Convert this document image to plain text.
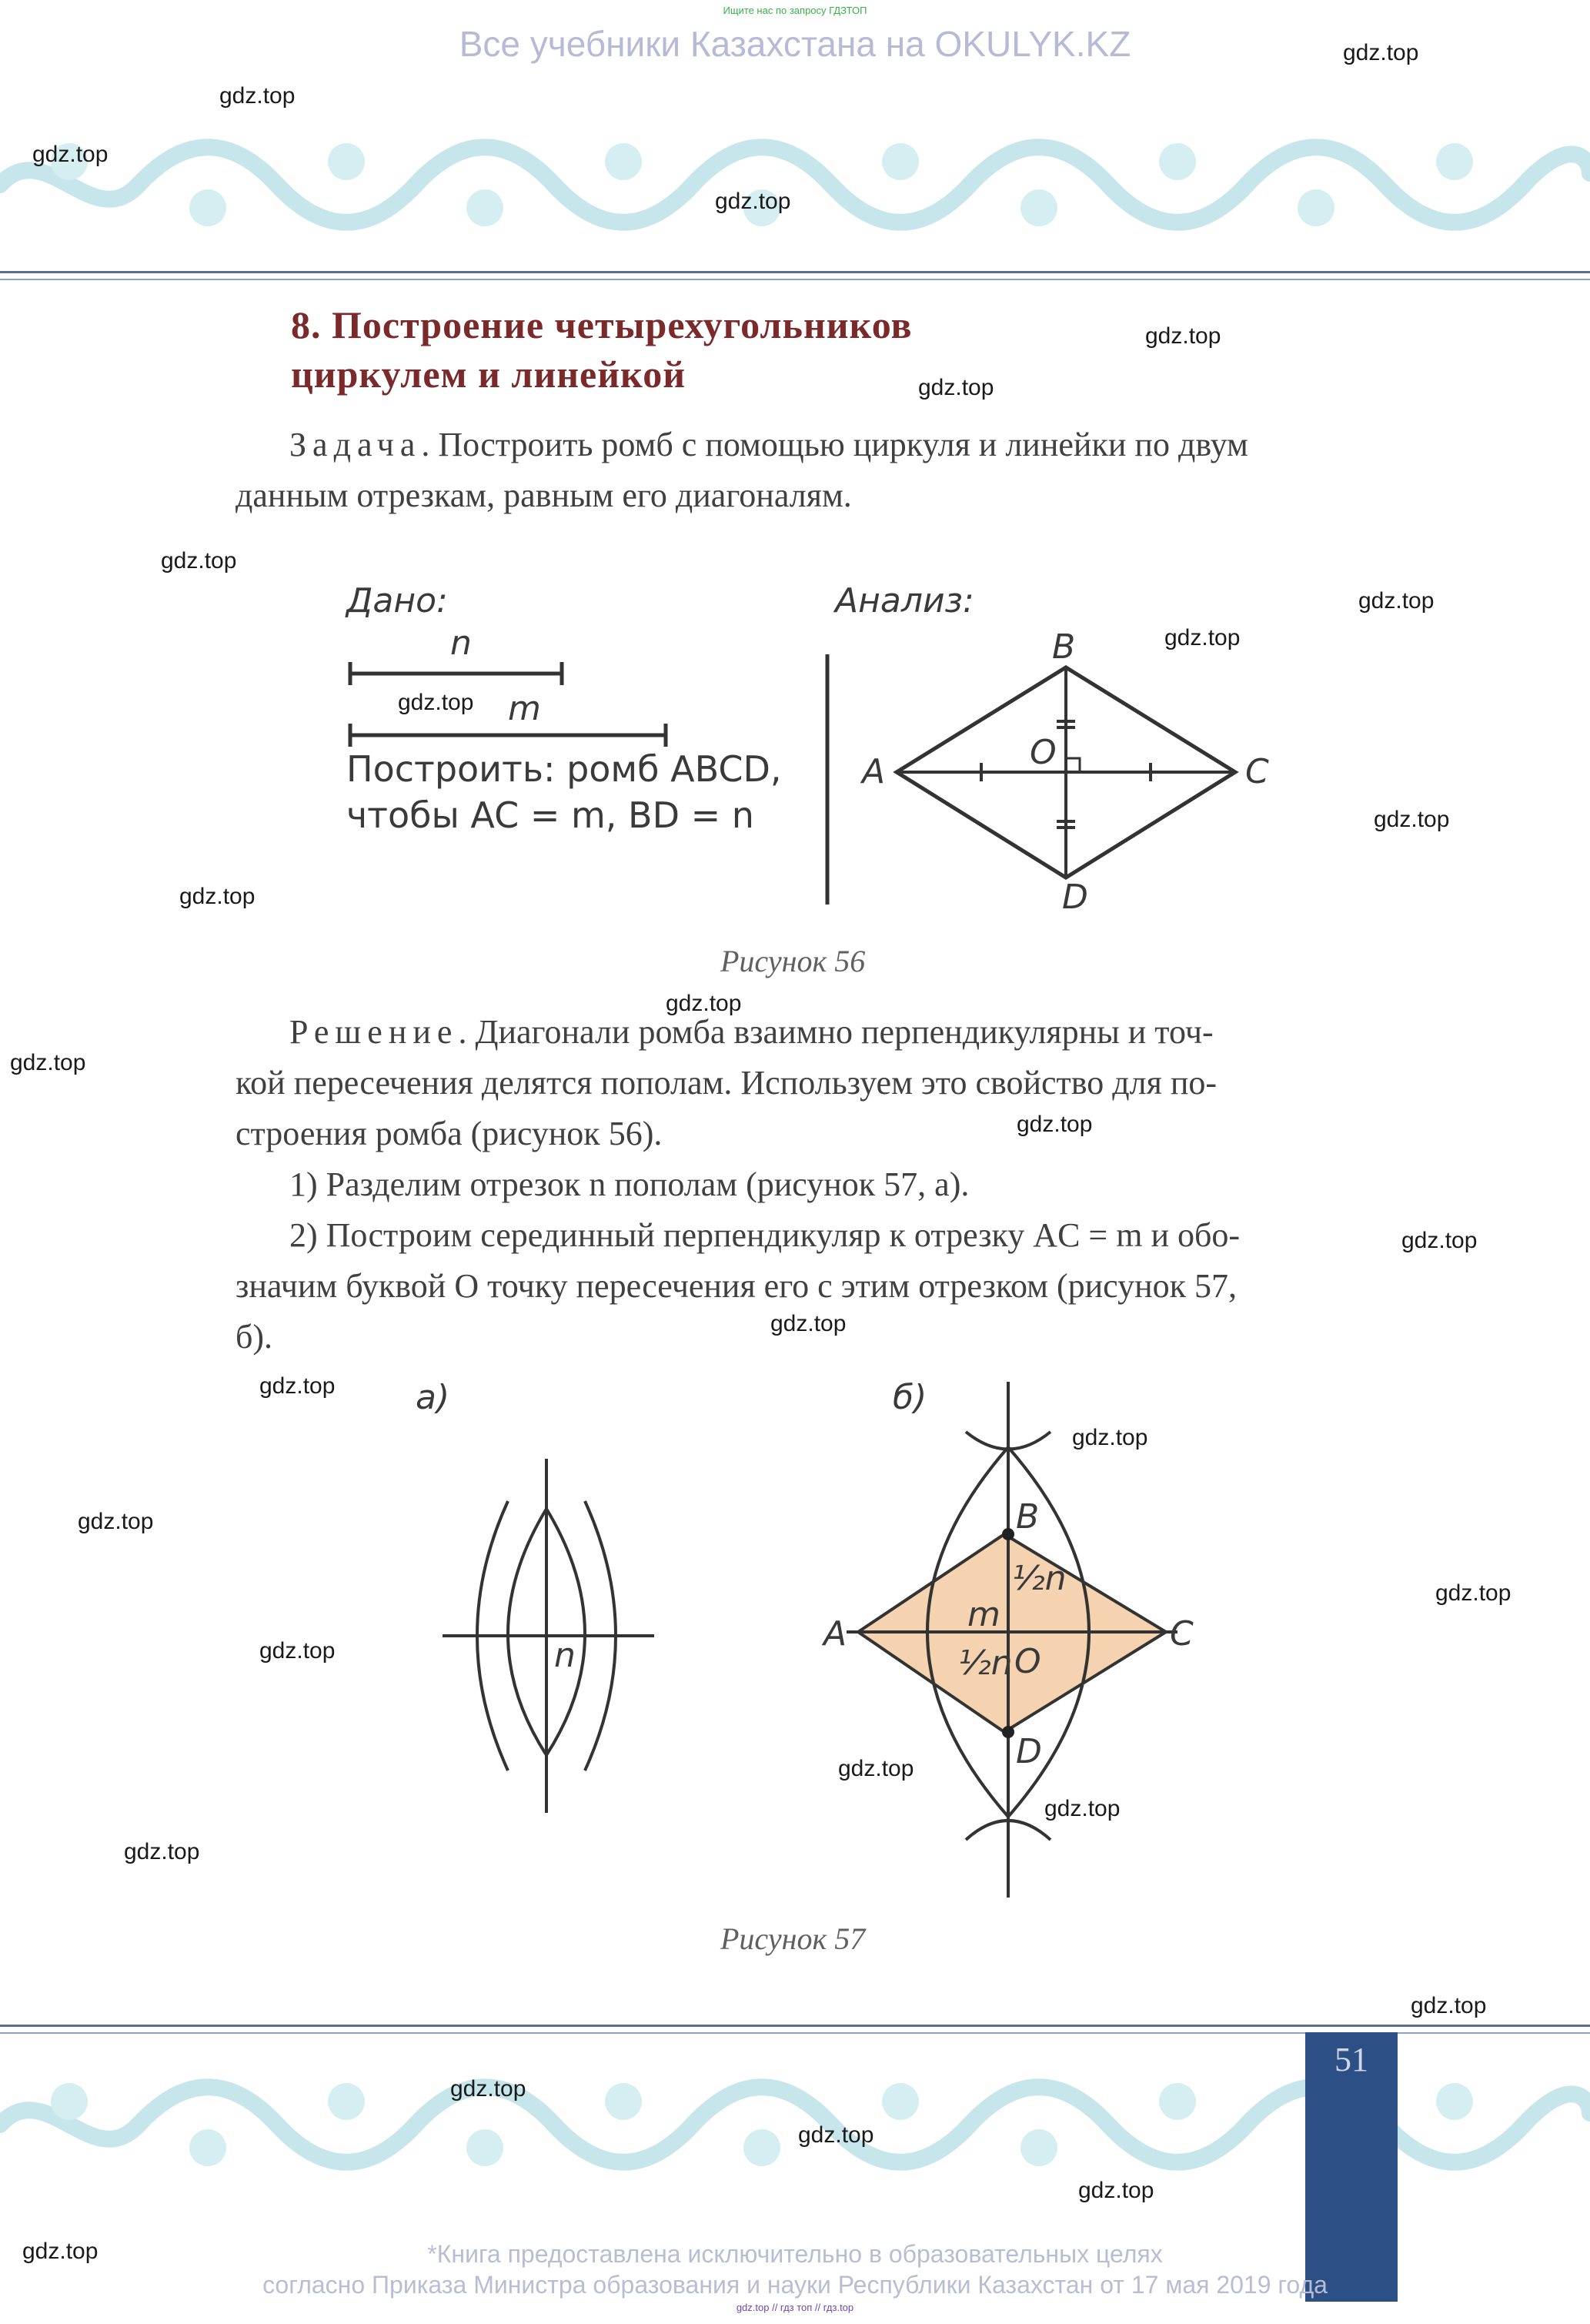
Ищите нас по запросу ГДЗТОП
Все учебники Казахстана на OKULYK.KZ
8. Построение четырехугольников
циркулем и линейкой
Задача. Построить ромб с помощью циркуля и линейки по двум
данным отрезкам, равным его диагоналям.
Дано:
n
m
Построить: ромб ABCD,
чтобы AC = m, BD = n
Анализ:
A
B
C
D
O
Рисунок 56
Решение. Диагонали ромба взаимно перпендикулярны и точ-
кой пересечения делятся пополам. Используем это свойство для по-
строения ромба (рисунок 56).
1) Разделим отрезок n пополам (рисунок 57, a).
2) Построим серединный перпендикуляр к отрезку AC = m и обо-
значим буквой O точку пересечения его с этим отрезком (рисунок 57,
б).
а)
n
б)
A
B
C
D
O
m
½n
½n
Рисунок 57
51
*Книга предоставлена исключительно в образовательных целях
согласно Приказа Министра образования и науки Республики Казахстан от 17 мая 2019 года
gdz.top // гдз топ // гдз.top
gdz.top
gdz.top
gdz.top
gdz.top
gdz.top
gdz.top
gdz.top
gdz.top
gdz.top
gdz.top
gdz.top
gdz.top
gdz.top
gdz.top
gdz.top
gdz.top
gdz.top
gdz.top
gdz.top
gdz.top
gdz.top
gdz.top
gdz.top
gdz.top
gdz.top
gdz.top
gdz.top
gdz.top
gdz.top
gdz.top
